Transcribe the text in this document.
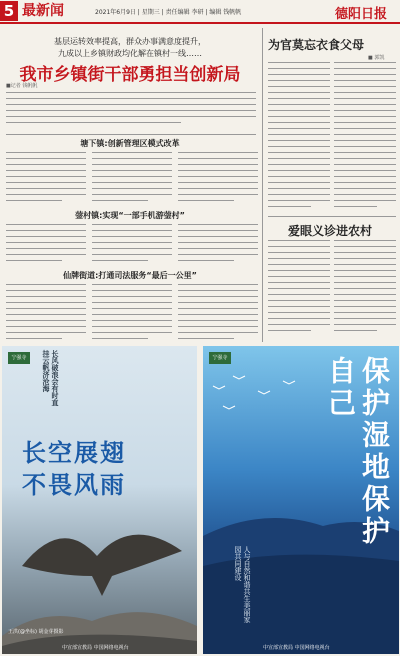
5 最新闻	2021年6月9日 | 星期三 | 责任编辑 李研 | 编辑 钱帆帆	德阳日报
基层运转效率提高，群众办事满意度提升，
九成以上乡镇财政均化解在镇村一线……
我市乡镇街干部勇担当创新局
■记者 钱帆帆
塘下镇:创新管理区模式改革
蓥村镇:实现“一部手机游蓥村”
仙牌街道:打通司法服务“最后一公里”
为官莫忘衣食父母
■ 郭凯
爱眼义诊进农村
宁强寺	长风破浪会有时直挂云帆济沧海
长空展翅
不畏风雨
王洪(@坐标) 胡金芽摄影
中宣部宣教局 中国网络电视台
宁强寺	保护湿地保护自己
人与自然和谐共生美丽家园共同建设
中宣部宣教局 中国网络电视台
